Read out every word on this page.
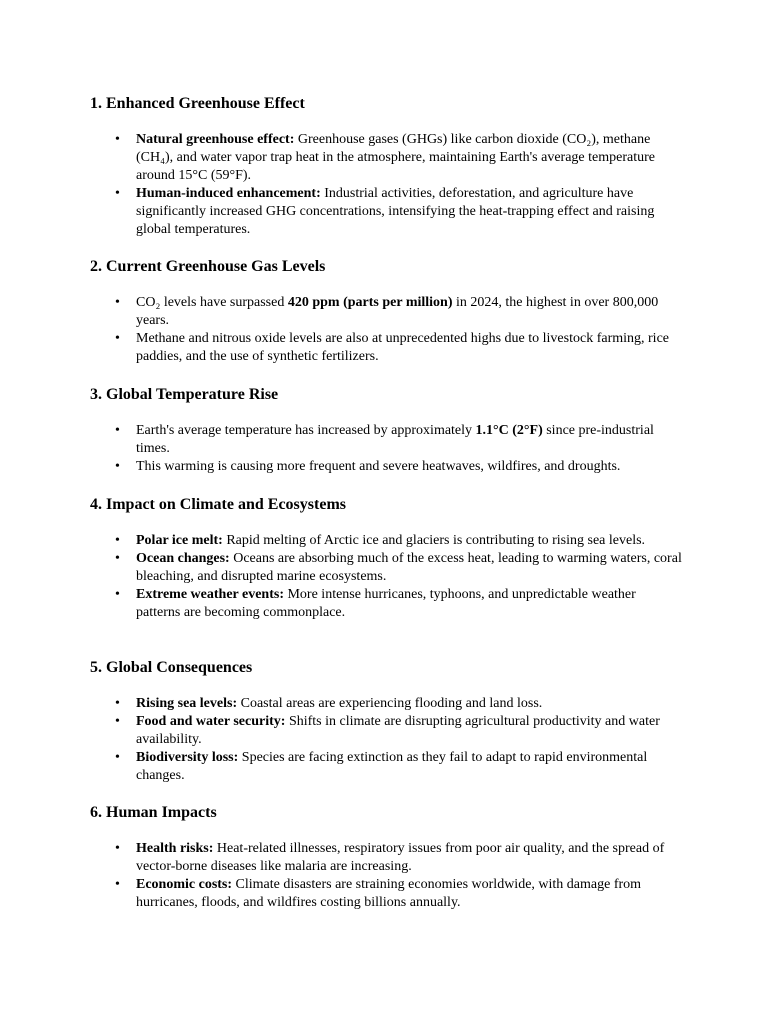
1. Enhanced Greenhouse Effect
• Natural greenhouse effect: Greenhouse gases (GHGs) like carbon dioxide (CO₂), methane (CH₄), and water vapor trap heat in the atmosphere, maintaining Earth's average temperature around 15°C (59°F).
• Human-induced enhancement: Industrial activities, deforestation, and agriculture have significantly increased GHG concentrations, intensifying the heat-trapping effect and raising global temperatures.
2. Current Greenhouse Gas Levels
• CO₂ levels have surpassed 420 ppm (parts per million) in 2024, the highest in over 800,000 years.
• Methane and nitrous oxide levels are also at unprecedented highs due to livestock farming, rice paddies, and the use of synthetic fertilizers.
3. Global Temperature Rise
• Earth's average temperature has increased by approximately 1.1°C (2°F) since pre-industrial times.
• This warming is causing more frequent and severe heatwaves, wildfires, and droughts.
4. Impact on Climate and Ecosystems
• Polar ice melt: Rapid melting of Arctic ice and glaciers is contributing to rising sea levels.
• Ocean changes: Oceans are absorbing much of the excess heat, leading to warming waters, coral bleaching, and disrupted marine ecosystems.
• Extreme weather events: More intense hurricanes, typhoons, and unpredictable weather patterns are becoming commonplace.
5. Global Consequences
• Rising sea levels: Coastal areas are experiencing flooding and land loss.
• Food and water security: Shifts in climate are disrupting agricultural productivity and water availability.
• Biodiversity loss: Species are facing extinction as they fail to adapt to rapid environmental changes.
6. Human Impacts
• Health risks: Heat-related illnesses, respiratory issues from poor air quality, and the spread of vector-borne diseases like malaria are increasing.
• Economic costs: Climate disasters are straining economies worldwide, with damage from hurricanes, floods, and wildfires costing billions annually.
